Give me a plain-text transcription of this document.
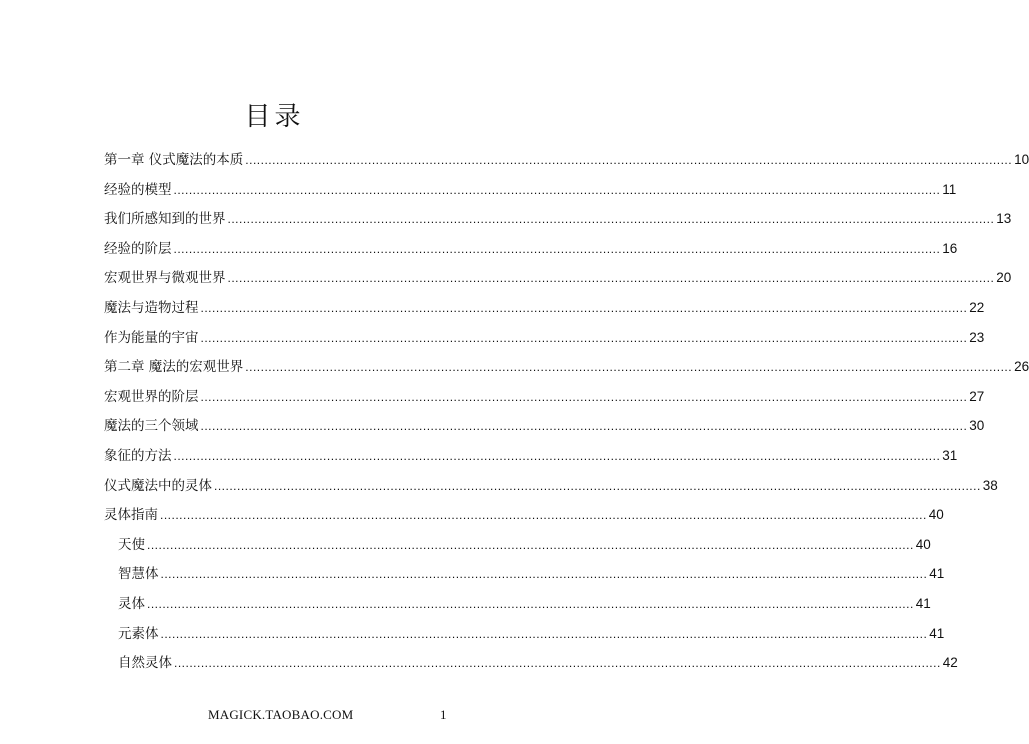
目录
第一章 仪式魔法的本质 ........................................................................................................................................................................................................ 10
经验的模型 ........................................................................................................................................................................................................ 11
我们所感知到的世界 ........................................................................................................................................................................................................ 13
经验的阶层 ........................................................................................................................................................................................................ 16
宏观世界与微观世界 ........................................................................................................................................................................................................ 20
魔法与造物过程 ........................................................................................................................................................................................................ 22
作为能量的宇宙 ........................................................................................................................................................................................................ 23
第二章 魔法的宏观世界 ........................................................................................................................................................................................................ 26
宏观世界的阶层 ........................................................................................................................................................................................................ 27
魔法的三个领域 ........................................................................................................................................................................................................ 30
象征的方法 ........................................................................................................................................................................................................ 31
仪式魔法中的灵体 ........................................................................................................................................................................................................ 38
灵体指南 ........................................................................................................................................................................................................ 40
天使 ........................................................................................................................................................................................................ 40
智慧体 ........................................................................................................................................................................................................ 41
灵体 ........................................................................................................................................................................................................ 41
元素体 ........................................................................................................................................................................................................ 41
自然灵体 ........................................................................................................................................................................................................ 42
MAGICK.TAOBAO.COM	1
